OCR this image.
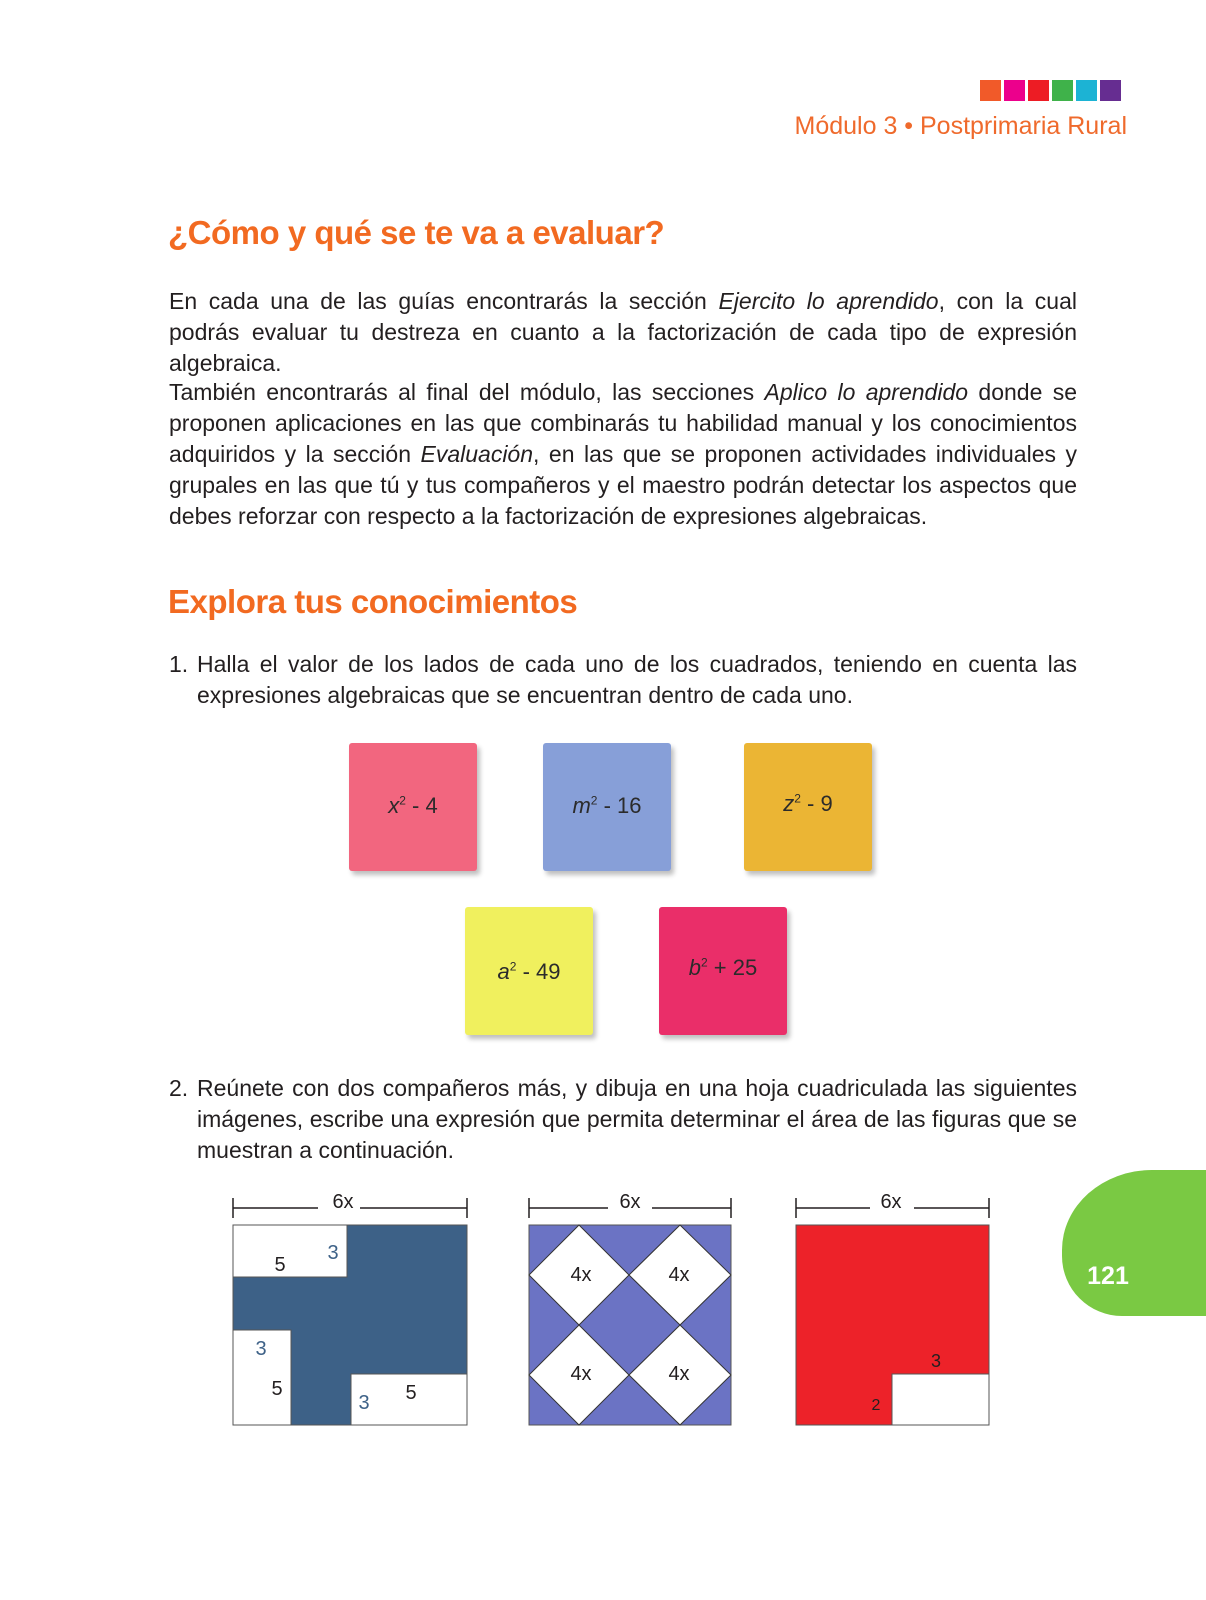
Módulo 3 • Postprimaria Rural
¿Cómo y qué se te va a evaluar?

En cada una de las guías encontrarás la sección Ejercito lo aprendido, con la cual podrás evaluar tu destreza en cuanto a la factorización de cada tipo de expresión algebraica.

También encontrarás al final del módulo, las secciones Aplico lo aprendido donde se proponen aplicaciones en las que combinarás tu habilidad manual y los conocimientos adquiridos y la sección Evaluación, en las que se proponen actividades individuales y grupales en las que tú y tus compañeros y el maestro podrán detectar los aspectos que debes reforzar con respecto a la factorización de expresiones algebraicas.

Explora tus conocimientos
1. Halla el valor de los lados de cada uno de los cuadrados, teniendo en cuenta las expresiones algebraicas que se encuentran dentro de cada uno.
$x^2 - 4$	$m^2 - 16$	$z^2 - 9$
$a^2 - 49$	$b^2 + 25$
2. Reúnete con dos compañeros más, y dibuja en una hoja cuadriculada las siguientes imágenes, escribe una expresión que permita determinar el área de las figuras que se muestran a continuación.
6x
5
3
3
5
3 5
6x
4x	4x
4x	4x
6x
3
2
121
